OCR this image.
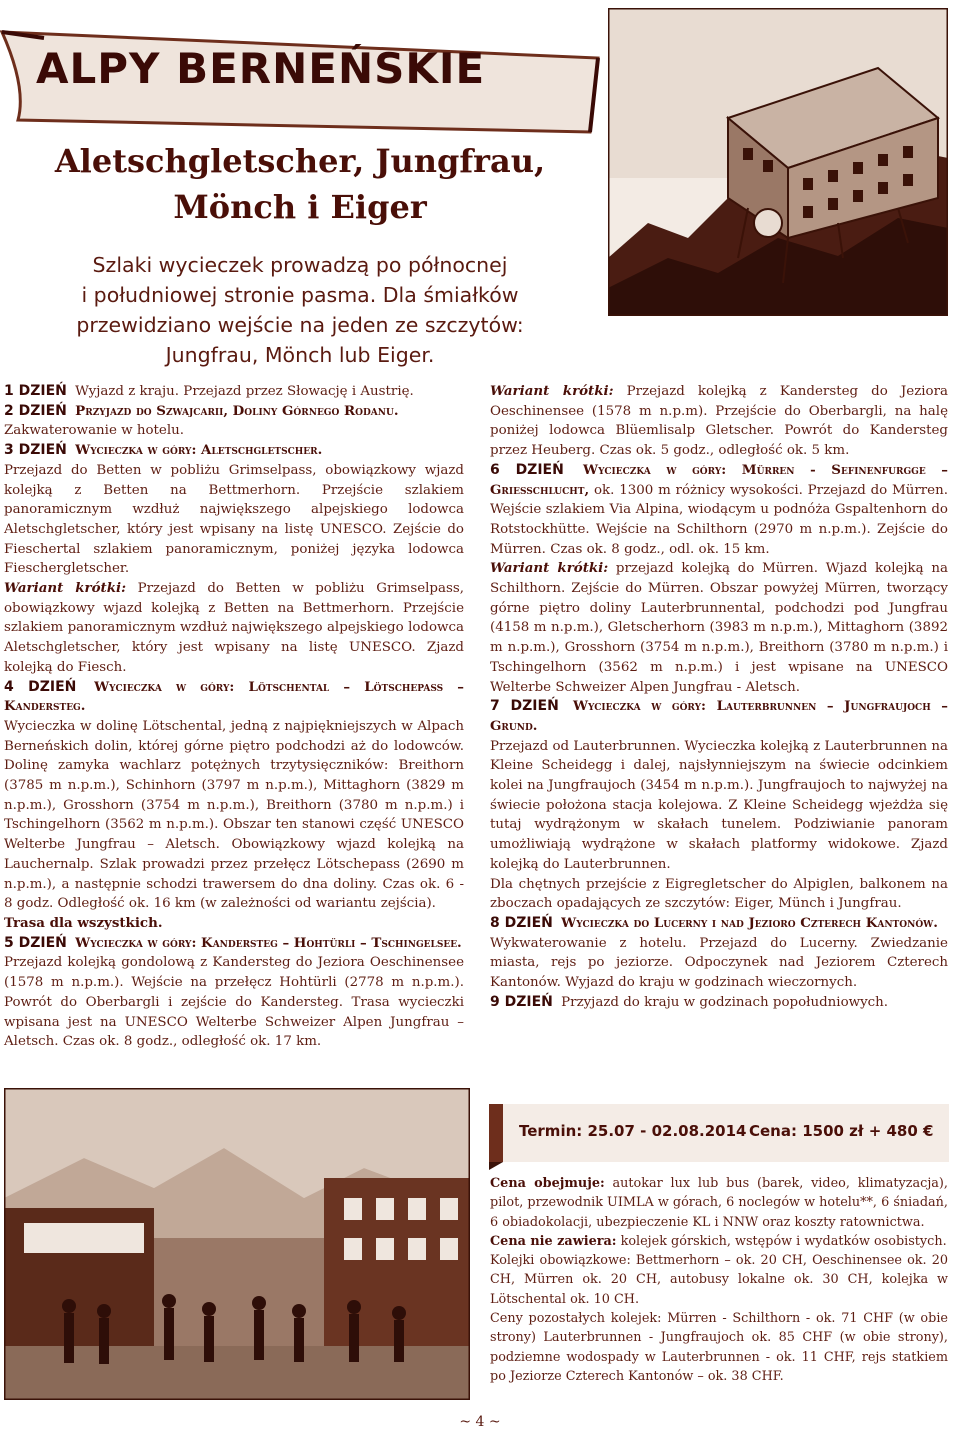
ALPY BERNEŃSKIE
Aletschgletscher, Jungfrau,
Mönch i Eiger
Szlaki wycieczek prowadzą po północnej
i południowej stronie pasma. Dla śmiałków
przewidziano wejście na jeden ze szczytów:
Jungfrau, Mönch lub Eiger.

1 DZIEŃ Wyjazd z kraju. Przejazd przez Słowację i Austrię.

2 DZIEŃ Przyjazd do Szwajcarii, Doliny Górnego Rodanu.
Zakwaterowanie w hotelu.

3 DZIEŃ Wycieczka w góry: Aletschgletscher.
Przejazd do Betten w pobliżu Grimselpass, obowiązkowy wjazd kolejką z Betten na Bettmerhorn. Przejście szlakiem panoramicznym wzdłuż największego alpejskiego lodowca Aletschgletscher, który jest wpisany na listę UNESCO. Zejście do Fieschertal szlakiem panoramicznym, poniżej języka lodowca Fieschergletscher.

Wariant krótki: Przejazd do Betten w pobliżu Grimselpass, obowiązkowy wjazd kolejką z Betten na Bettmerhorn. Przejście szlakiem panoramicznym wzdłuż największego alpejskiego lodowca Aletschgletscher, który jest wpisany na listę UNESCO. Zjazd kolejką do Fiesch.

4 DZIEŃ Wycieczka w góry: Lötschental – Lötschepass – Kandersteg.
Wycieczka w dolinę Lötschental, jedną z najpiękniejszych w Alpach Berneńskich dolin, której górne piętro podchodzi aż do lodowców. Dolinę zamyka wachlarz potężnych trzytysięczników: Breithorn (3785 m n.p.m.), Schinhorn (3797 m n.p.m.), Mittaghorn (3829 m n.p.m.), Grosshorn (3754 m n.p.m.), Breithorn (3780 m n.p.m.) i Tschingelhorn (3562 m n.p.m.). Obszar ten stanowi część UNESCO Welterbe Jungfrau – Aletsch. Obowiązkowy wjazd kolejką na Lauchernalp. Szlak prowadzi przez przełęcz Lötschepass (2690 m n.p.m.), a następnie schodzi trawersem do dna doliny. Czas ok. 6 - 8 godz. Odległość ok. 16 km (w zależności od wariantu zejścia).
Trasa dla wszystkich.

5 DZIEŃ Wycieczka w góry: Kandersteg – Hohtürli – Tschingelsee.
Przejazd kolejką gondolową z Kandersteg do Jeziora Oeschinensee (1578 m n.p.m.). Wejście na przełęcz Hohtürli (2778 m n.p.m.). Powrót do Oberbargli i zejście do Kandersteg. Trasa wycieczki wpisana jest na UNESCO Welterbe Schweizer Alpen Jungfrau – Aletsch. Czas ok. 8 godz., odległość ok. 17 km.

Wariant krótki: Przejazd kolejką z Kandersteg do Jeziora Oeschinensee (1578 m n.p.m). Przejście do Oberbargli, na halę poniżej lodowca Blüemlisalp Gletscher. Powrót do Kandersteg przez Heuberg. Czas ok. 5 godz., odległość ok. 5 km.

6 DZIEŃ Wycieczka w góry: Mürren - Sefinenfurgge – Griesschlucht, ok. 1300 m różnicy wysokości. Przejazd do Mürren. Wejście szlakiem Via Alpina, wiodącym u podnóża Gspaltenhorn do Rotstockhütte. Wejście na Schilthorn (2970 m n.p.m.). Zejście do Mürren. Czas ok. 8 godz., odl. ok. 15 km.

Wariant krótki: przejazd kolejką do Mürren. Wjazd kolejką na Schilthorn. Zejście do Mürren. Obszar powyżej Mürren, tworzący górne piętro doliny Lauterbrunnental, podchodzi pod Jungfrau (4158 m n.p.m.), Gletscherhorn (3983 m n.p.m.), Mittaghorn (3892 m n.p.m.), Grosshorn (3754 m n.p.m.), Breithorn (3780 m n.p.m.) i Tschingelhorn (3562 m n.p.m.) i jest wpisane na UNESCO Welterbe Schweizer Alpen Jungfrau - Aletsch.

7 DZIEŃ Wycieczka w góry: Lauterbrunnen – Jungfraujoch – Grund.
Przejazd od Lauterbrunnen. Wycieczka kolejką z Lauterbrunnen na Kleine Scheidegg i dalej, najsłynniejszym na świecie odcinkiem kolei na Jungfraujoch (3454 m n.p.m.). Jungfraujoch to najwyżej na świecie położona stacja kolejowa. Z Kleine Scheidegg wjeżdża się tutaj wydrążonym w skałach tunelem. Podziwianie panoram umożliwiają wydrążone w skałach platformy widokowe. Zjazd kolejką do Lauterbrunnen.

Dla chętnych przejście z Eigregletscher do Alpiglen, balkonem na zboczach opadających ze szczytów: Eiger, Münch i Jungfrau.

8 DZIEŃ Wycieczka do Lucerny i nad Jezioro Czterech Kantonów.
Wykwaterowanie z hotelu. Przejazd do Lucerny. Zwiedzanie miasta, rejs po jeziorze. Odpoczynek nad Jeziorem Czterech Kantonów. Wyjazd do kraju w godzinach wieczornych.

9 DZIEŃ Przyjazd do kraju w godzinach popołudniowych.

Termin: 25.07 - 02.08.2014 Cena: 1500 zł + 480 €

Cena obejmuje: autokar lux lub bus (barek, video, klimatyzacja), pilot, przewodnik UIMLA w górach, 6 noclegów w hotelu**, 6 śniadań, 6 obiadokolacji, ubezpieczenie KL i NNW oraz koszty ratownictwa.

Cena nie zawiera: kolejek górskich, wstępów i wydatków osobistych.

Kolejki obowiązkowe: Bettmerhorn – ok. 20 CH, Oeschinensee ok. 20 CH, Mürren ok. 20 CH, autobusy lokalne ok. 30 CH, kolejka w Lötschental ok. 10 CH.

Ceny pozostałych kolejek: Mürren - Schilthorn - ok. 71 CHF (w obie strony) Lauterbrunnen - Jungfraujoch ok. 85 CHF (w obie strony), podziemne wodospady w Lauterbrunnen - ok. 11 CHF, rejs statkiem po Jeziorze Czterech Kantonów – ok. 38 CHF.

~ 4 ~
